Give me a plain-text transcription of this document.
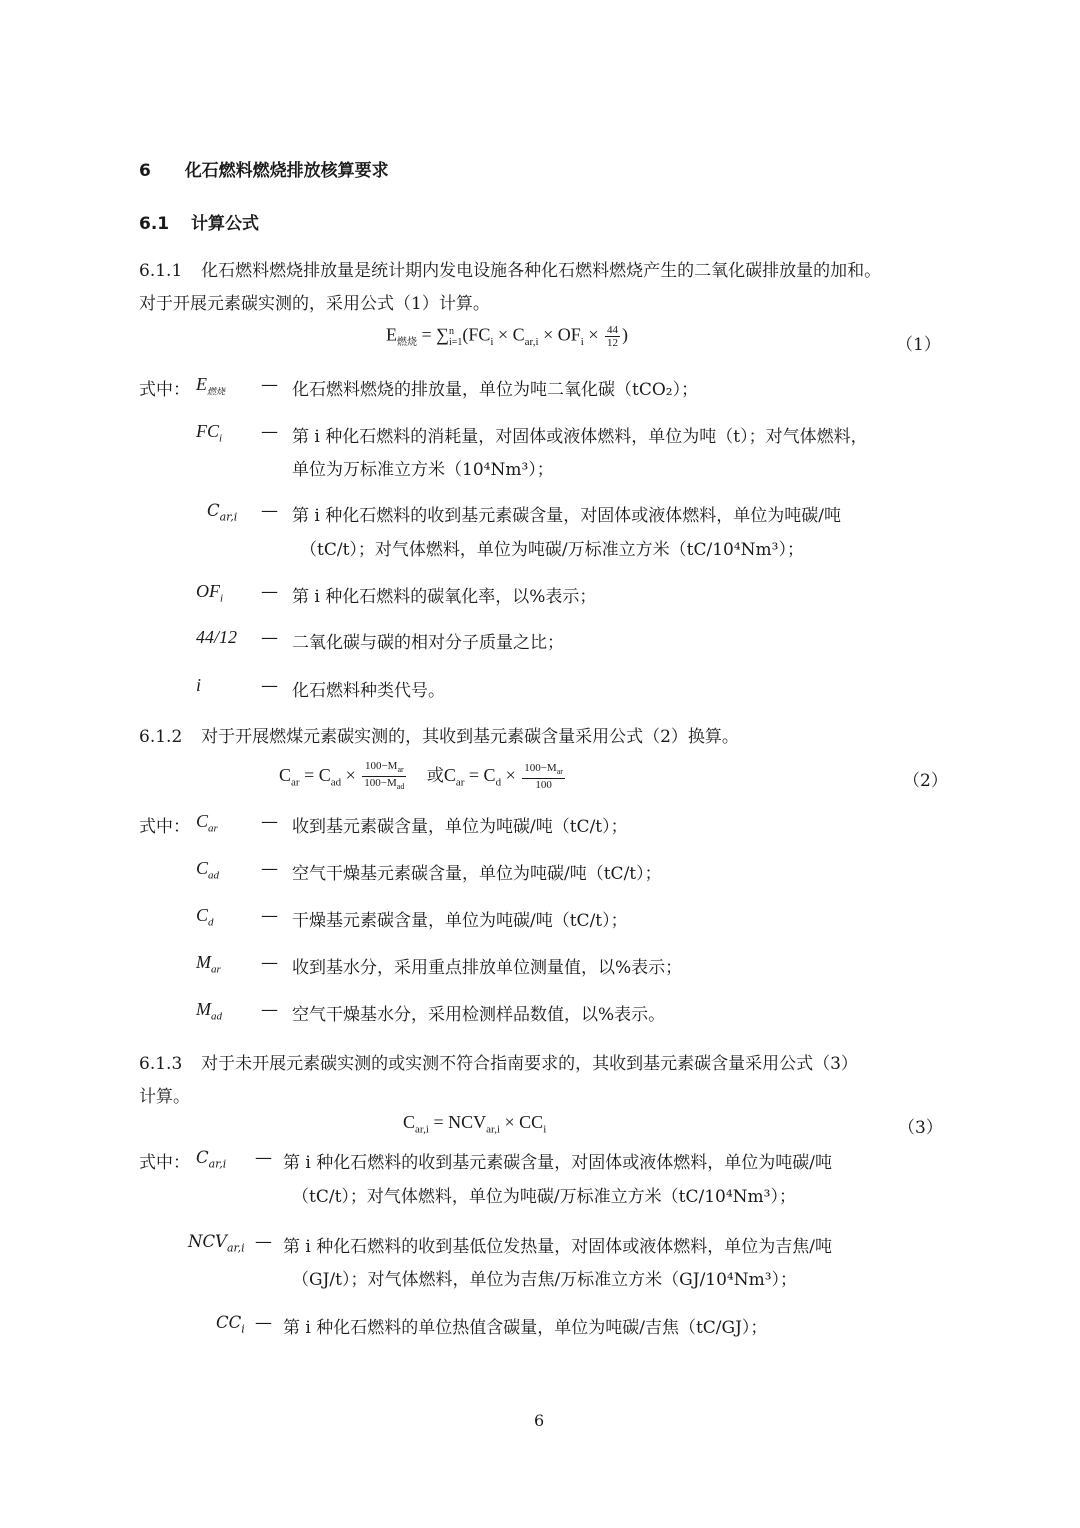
6 化石燃料燃烧排放核算要求
6.1 计算公式
6.1.1 化石燃料燃烧排放量是统计期内发电设施各种化石燃料燃烧产生的二氧化碳排放量的加和。
对于开展元素碳实测的，采用公式（1）计算。
$E_{燃烧}$ = ∑ n
i=1 ($FC_i \times C_{ar,i} \times OF_i \times \frac{44}{12}$ )
（1）
式中： $E_{燃烧}$ — 化石燃料燃烧的排放量，单位为吨二氧化碳（tCO₂）；
$FC_i$ — 第 i 种化石燃料的消耗量，对固体或液体燃料，单位为吨（t）；对气体燃料，
单位为万标准立方米（10⁴Nm³）；
$C_{ar,i}$ — 第 i 种化石燃料的收到基元素碳含量，对固体或液体燃料，单位为吨碳/吨
（tC/t）；对气体燃料，单位为吨碳/万标准立方米（tC/10⁴Nm³）；
$OF_i$ — 第 i 种化石燃料的碳氧化率，以%表示；
44/12 — 二氧化碳与碳的相对分子质量之比；
i	— 化石燃料种类代号。
6.1.2 对于开展燃煤元素碳实测的，其收到基元素碳含量采用公式（2）换算。
$C_{ar} = C_{ad} \times \frac{100-M_{ar}}{100-M_{ad}}$ 或$C_{ar} = C_d \times \frac{100-M_{ar}}{100}$	（2）
式中： $C_{ar}$	— 收到基元素碳含量，单位为吨碳/吨（tC/t）；
$C_{ad}$ — 空气干燥基元素碳含量，单位为吨碳/吨（tC/t）；
$C_d$	— 干燥基元素碳含量，单位为吨碳/吨（tC/t）；
$M_{ar}$ — 收到基水分，采用重点排放单位测量值，以%表示；
$M_{ad}$ — 空气干燥基水分，采用检测样品数值，以%表示。
6.1.3 对于未开展元素碳实测的或实测不符合指南要求的，其收到基元素碳含量采用公式（3）
计算。
$C_{ar,i} = NCV_{ar,i} \times CC_i$	（3）
式中： $C_{ar,i}$ — 第 i 种化石燃料的收到基元素碳含量，对固体或液体燃料，单位为吨碳/吨
（tC/t）；对气体燃料，单位为吨碳/万标准立方米（tC/10⁴Nm³）；
$NCV_{ar,i}$ — 第 i 种化石燃料的收到基低位发热量，对固体或液体燃料，单位为吉焦/吨
（GJ/t）；对气体燃料，单位为吉焦/万标准立方米（GJ/10⁴Nm³）；
$CC_i$ — 第 i 种化石燃料的单位热值含碳量，单位为吨碳/吉焦（tC/GJ）；
6
